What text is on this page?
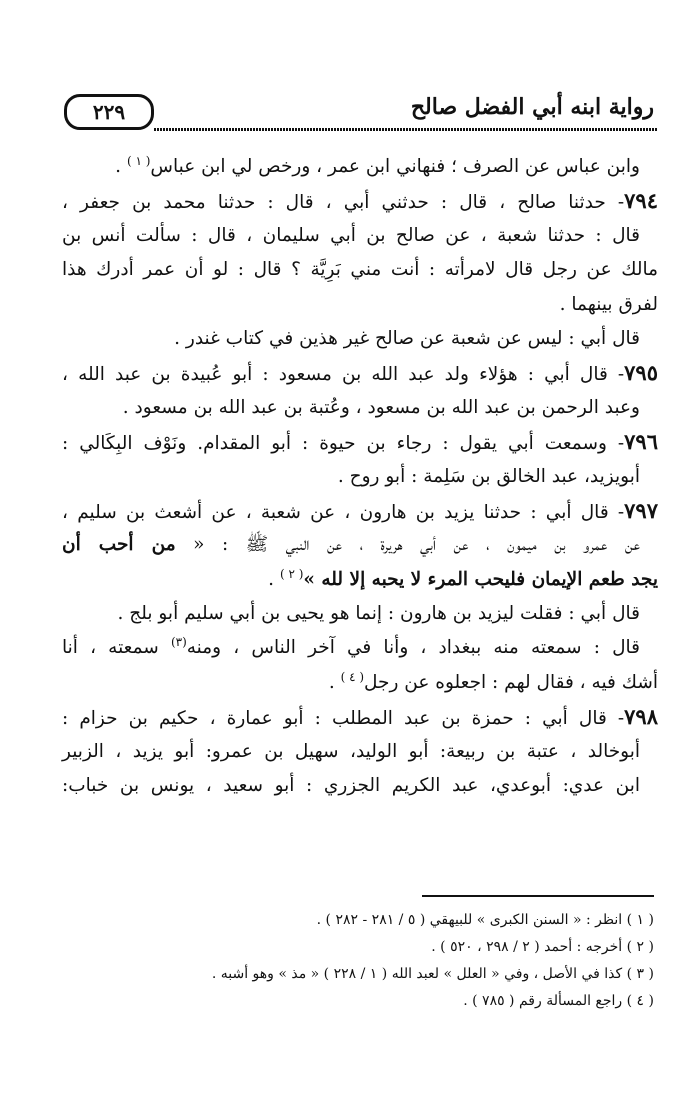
٢٢٩	رواية ابنه أبي الفضل صالح
وابن عباس عن الصرف ؛ فنهاني ابن عمر ، ورخص لي ابن عباس$^{( ١ )}$ .
٧٩٤- حدثنا صالح ، قال : حدثني أبي ، قال : حدثنا محمد بن جعفر ،
قال : حدثنا شعبة ، عن صالح بن أبي سليمان ، قال : سألت أنس بن
مالك عن رجل قال لامرأته : أنت مني بَرِيَّة ؟ قال : لو أن عمر أدرك هذا
لفرق بينهما .
قال أبي : ليس عن شعبة عن صالح غير هذين في كتاب غندر .
٧٩٥- قال أبي : هؤلاء ولد عبد الله بن مسعود : أبو عُبيدة بن عبد الله ،
وعبد الرحمن بن عبد الله بن مسعود ، وعُتبة بن عبد الله بن مسعود .
٧٩٦- وسمعت أبي يقول : رجاء بن حيوة : أبو المقدام. ونَوْف البِكَالي :
أبويزيد، عبد الخالق بن سَلِمة : أبو روح .
٧٩٧- قال أبي : حدثنا يزيد بن هارون ، عن شعبة ، عن أشعث بن سليم ،
عن عمرو بن ميمون ، عن أبي هريرة ، عن النبي ﷺ : « من أحب أن
يجد طعم الإيمان فليحب المرء لا يحبه إلا لله »$^{( ٢ )}$ .
قال أبي : فقلت ليزيد بن هارون : إنما هو يحيى بن أبي سليم أبو بلج .
قال : سمعته منه ببغداد ، وأنا في آخر الناس ، ومنه$^{(٣)}$ سمعته ، أنا
أشك فيه ، فقال لهم : اجعلوه عن رجل$^{( ٤ )}$ .
٧٩٨- قال أبي : حمزة بن عبد المطلب : أبو عمارة ، حكيم بن حزام :
أبوخالد ، عتبة بن ربيعة: أبو الوليد، سهيل بن عمرو: أبو يزيد ، الزبير
ابن عدي: أبوعدي، عبد الكريم الجزري : أبو سعيد ، يونس بن خباب:
( ١ ) انظر : « السنن الكبرى » للبيهقي ( ٥ / ٢٨١ - ٢٨٢ ) .
( ٢ ) أخرجه : أحمد ( ٢ / ٢٩٨ ، ٥٢٠ ) .
( ٣ ) كذا في الأصل ، وفي « العلل » لعبد الله ( ١ / ٢٢٨ ) « مذ » وهو أشبه .
( ٤ ) راجع المسألة رقم ( ٧٨٥ ) .
